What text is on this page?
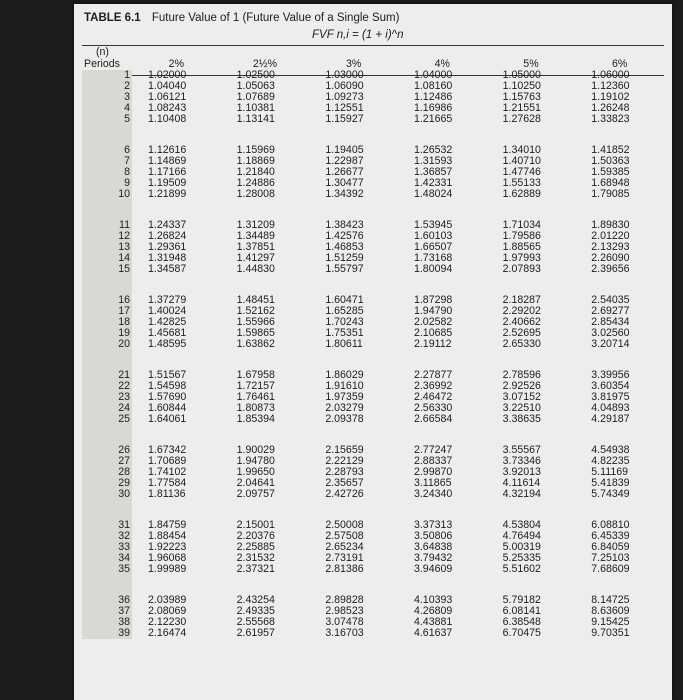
TABLE 6.1 Future Value of 1 (Future Value of a Single Sum)
FVF n,i = (1 + i)^n
(n)
Periods	2%	2½%	3%	4%	5%	6%
1	1.02000	1.02500	1.03000	1.04000	1.05000	1.06000
2	1.04040	1.05063	1.06090	1.08160	1.10250	1.12360
3	1.06121	1.07689	1.09273	1.12486	1.15763	1.19102
4	1.08243	1.10381	1.12551	1.16986	1.21551	1.26248
5	1.10408	1.13141	1.15927	1.21665	1.27628	1.33823

6	1.12616	1.15969	1.19405	1.26532	1.34010	1.41852
7	1.14869	1.18869	1.22987	1.31593	1.40710	1.50363
8	1.17166	1.21840	1.26677	1.36857	1.47746	1.59385
9	1.19509	1.24886	1.30477	1.42331	1.55133	1.68948
10	1.21899	1.28008	1.34392	1.48024	1.62889	1.79085

11	1.24337	1.31209	1.38423	1.53945	1.71034	1.89830
12	1.26824	1.34489	1.42576	1.60103	1.79586	2.01220
13	1.29361	1.37851	1.46853	1.66507	1.88565	2.13293
14	1.31948	1.41297	1.51259	1.73168	1.97993	2.26090
15	1.34587	1.44830	1.55797	1.80094	2.07893	2.39656

16	1.37279	1.48451	1.60471	1.87298	2.18287	2.54035
17	1.40024	1.52162	1.65285	1.94790	2.29202	2.69277
18	1.42825	1.55966	1.70243	2.02582	2.40662	2.85434
19	1.45681	1.59865	1.75351	2.10685	2.52695	3.02560
20	1.48595	1.63862	1.80611	2.19112	2.65330	3.20714

21	1.51567	1.67958	1.86029	2.27877	2.78596	3.39956
22	1.54598	1.72157	1.91610	2.36992	2.92526	3.60354
23	1.57690	1.76461	1.97359	2.46472	3.07152	3.81975
24	1.60844	1.80873	2.03279	2.56330	3.22510	4.04893
25	1.64061	1.85394	2.09378	2.66584	3.38635	4.29187

26	1.67342	1.90029	2.15659	2.77247	3.55567	4.54938
27	1.70689	1.94780	2.22129	2.88337	3.73346	4.82235
28	1.74102	1.99650	2.28793	2.99870	3.92013	5.11169
29	1.77584	2.04641	2.35657	3.11865	4.11614	5.41839
30	1.81136	2.09757	2.42726	3.24340	4.32194	5.74349

31	1.84759	2.15001	2.50008	3.37313	4.53804	6.08810
32	1.88454	2.20376	2.57508	3.50806	4.76494	6.45339
33	1.92223	2.25885	2.65234	3.64838	5.00319	6.84059
34	1.96068	2.31532	2.73191	3.79432	5.25335	7.25103
35	1.99989	2.37321	2.81386	3.94609	5.51602	7.68609

36	2.03989	2.43254	2.89828	4.10393	5.79182	8.14725
37	2.08069	2.49335	2.98523	4.26809	6.08141	8.63609
38	2.12230	2.55568	3.07478	4.43881	6.38548	9.15425
39	2.16474	2.61957	3.16703	4.61637	6.70475	9.70351
